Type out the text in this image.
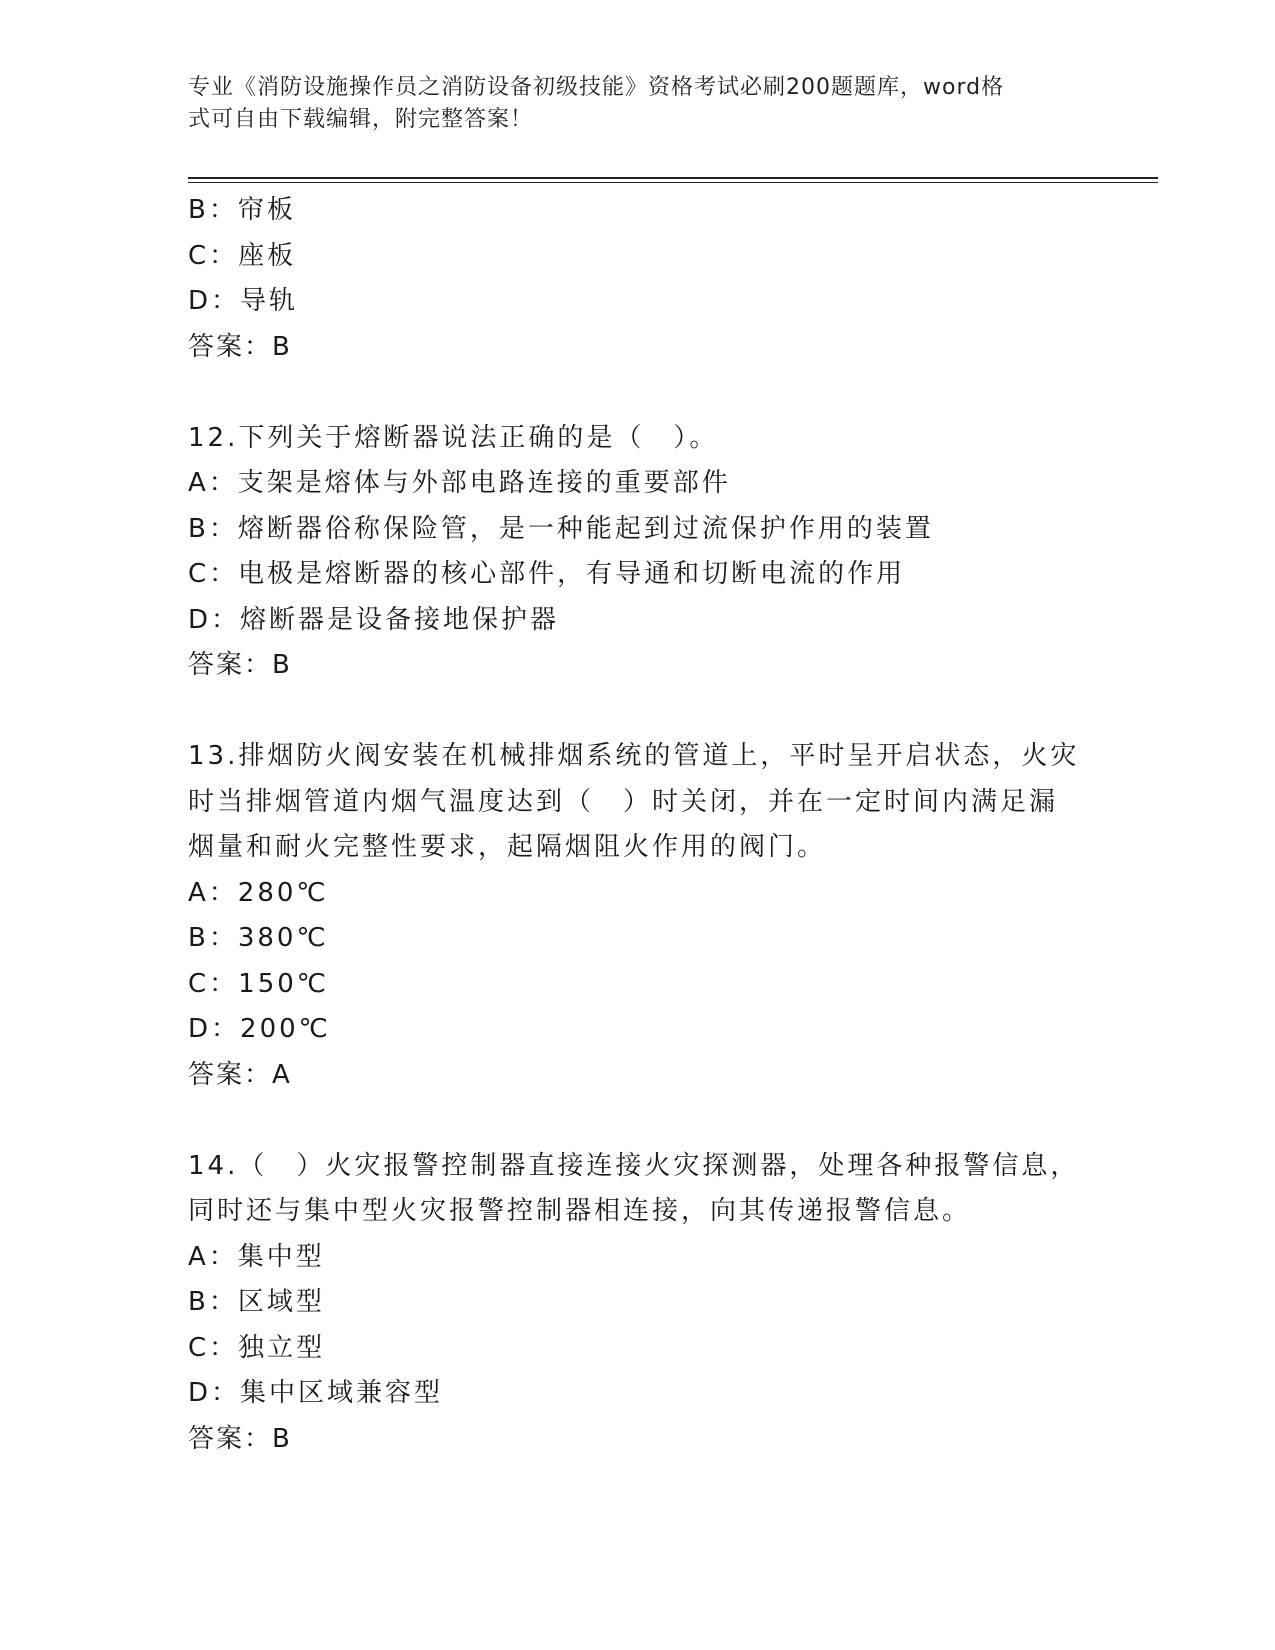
专业《消防设施操作员之消防设备初级技能》资格考试必刷200题题库，word格
式可自由下载编辑，附完整答案！
B：帘板
C：座板
D：导轨
答案：B
12.下列关于熔断器说法正确的是（　）。
A：支架是熔体与外部电路连接的重要部件
B：熔断器俗称保险管，是一种能起到过流保护作用的装置
C：电极是熔断器的核心部件，有导通和切断电流的作用
D：熔断器是设备接地保护器
答案：B
13.排烟防火阀安装在机械排烟系统的管道上，平时呈开启状态，火灾
时当排烟管道内烟气温度达到（　）时关闭，并在一定时间内满足漏
烟量和耐火完整性要求，起隔烟阻火作用的阀门。
A：280℃
B：380℃
C：150℃
D：200℃
答案：A
14.（　）火灾报警控制器直接连接火灾探测器，处理各种报警信息，
同时还与集中型火灾报警控制器相连接，向其传递报警信息。
A：集中型
B：区域型
C：独立型
D：集中区域兼容型
答案：B
